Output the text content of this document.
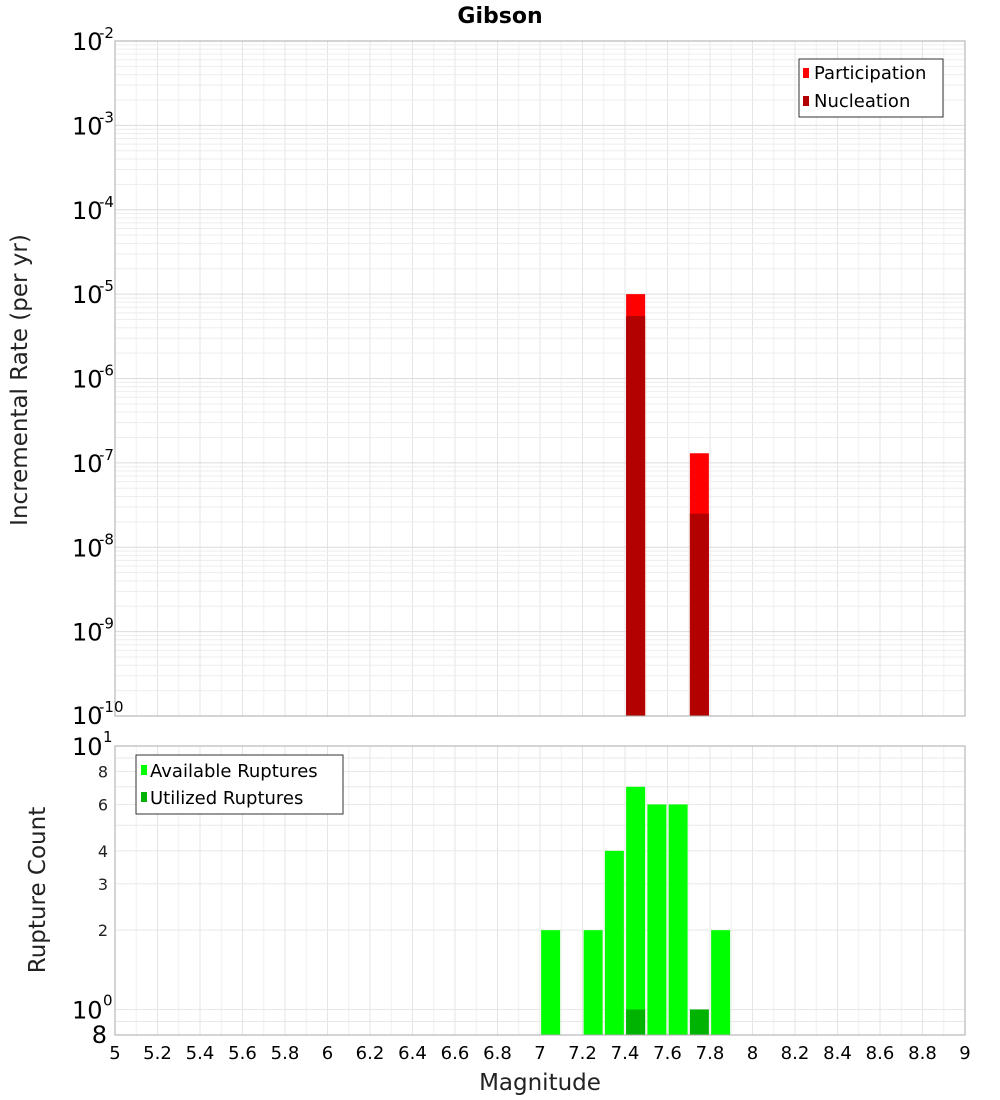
Gibson
10
-2
10
-3
10
-4
10
-5
10
-6
10
-7
10
-8
10
-9
10
-10
Incremental Rate (per yr)
Participation
Nucleation
8
6
4
3
2
10 1
10 0
8
5 5.2 5.4 5.6 5.8 6 6.2 6.4 6.6 6.8 7 7.2 7.4 7.6 7.8 8 8.2 8.4 8.6 8.8 9
Rupture Count
Magnitude
Available Ruptures
Utilized Ruptures
